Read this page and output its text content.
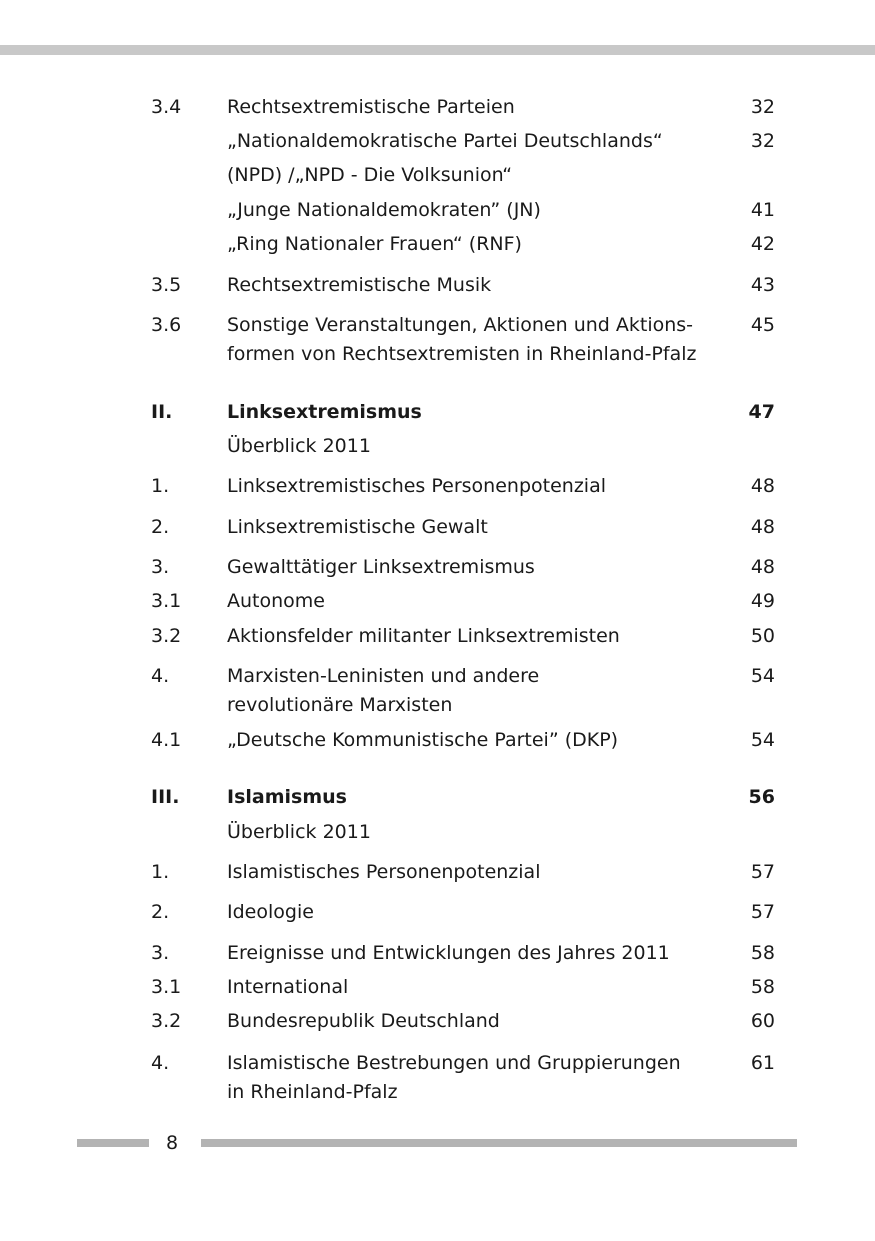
3.4 Rechtsextremistische Parteien	32
„Nationaldemokratische Partei Deutschlands“	32
(NPD) /„NPD - Die Volksunion“
„Junge Nationaldemokraten” (JN)	41
„Ring Nationaler Frauen“ (RNF)	42
3.5 Rechtsextremistische Musik	43
3.6 Sonstige Veranstaltungen, Aktionen und Aktions-	45
formen von Rechtsextremisten in Rheinland-Pfalz
II.	Linksextremismus	47
Überblick 2011
1.	Linksextremistisches Personenpotenzial	48
2.	Linksextremistische Gewalt	48
3.	Gewalttätiger Linksextremismus	48
3.1 Autonome	49
3.2 Aktionsfelder militanter Linksextremisten	50
4.	Marxisten-Leninisten und andere	54
revolutionäre Marxisten
4.1 „Deutsche Kommunistische Partei” (DKP)	54
III.	Islamismus	56
Überblick 2011
1.	Islamistisches Personenpotenzial	57
2.	Ideologie	57
3.	Ereignisse und Entwicklungen des Jahres 2011	58
3.1 International	58
3.2 Bundesrepublik Deutschland	60
4.	Islamistische Bestrebungen und Gruppierungen	61
in Rheinland-Pfalz
8
